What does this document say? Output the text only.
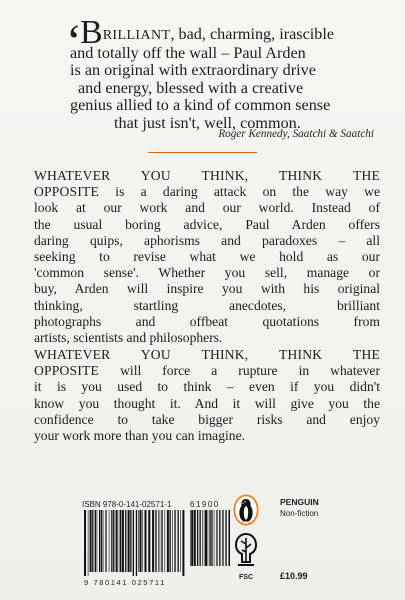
‘
BRILLIANT, bad, charming, irascible
and totally off the wall – Paul Arden
is an original with extraordinary drive
and energy, blessed with a creative
genius allied to a kind of common sense
that just isn't, well, common.
Roger Kennedy, Saatchi & Saatchi
WHATEVER YOU THINK, THINK THE
OPPOSITE is a daring attack on the way we
look at our work and our world. Instead of
the usual boring advice, Paul Arden offers
daring quips, aphorisms and paradoxes – all
seeking to revise what we hold as our
'common sense'. Whether you sell, manage or
buy, Arden will inspire you with his original
thinking, startling anecdotes, brilliant
photographs and offbeat quotations from
artists, scientists and philosophers.
WHATEVER YOU THINK, THINK THE
OPPOSITE will force a rupture in whatever
it is you used to think – even if you didn't
know you thought it. And it will give you the
confidence to take bigger risks and enjoy
your work more than you can imagine.
ISBN 978-0-141-02571-1
9 780141 025711
61900
FSC
PENGUIN
Non-fiction
£10.99
